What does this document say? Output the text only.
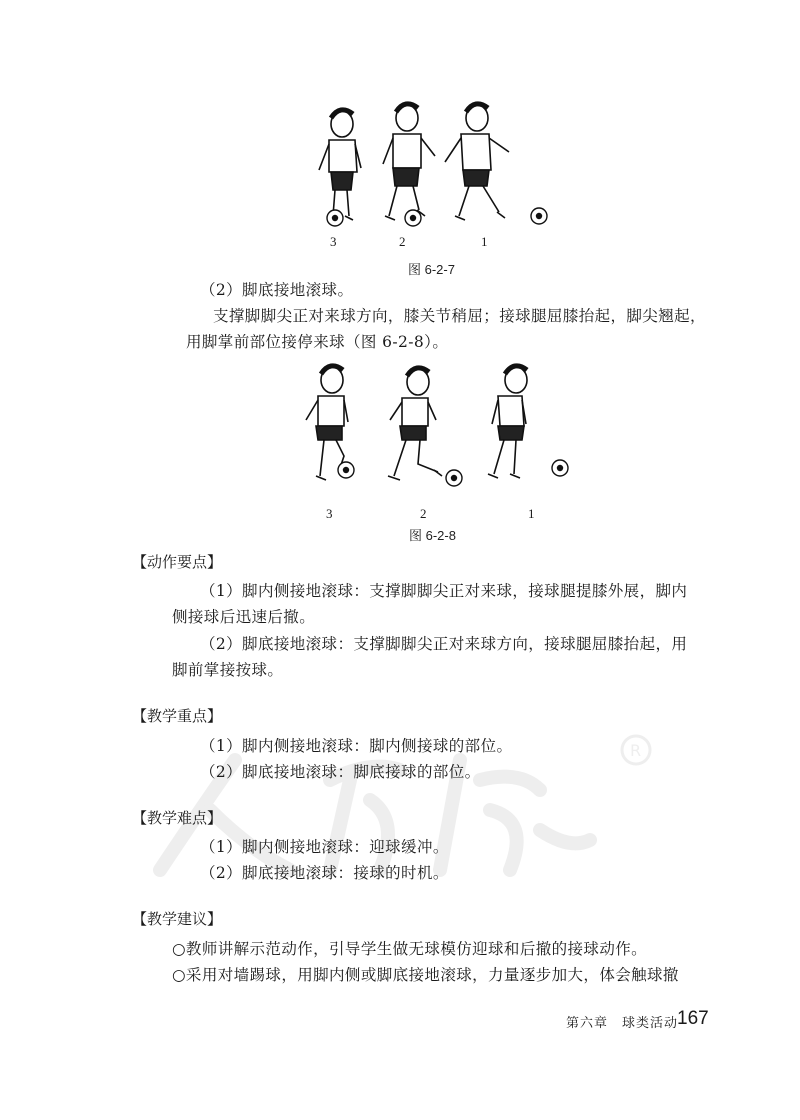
R
3	2	1
图 6-2-7
（2）脚底接地滚球。
支撑脚脚尖正对来球方向，膝关节稍屈；接球腿屈膝抬起，脚尖翘起，
用脚掌前部位接停来球（图 6-2-8）。
3	2	1
图 6-2-8
【动作要点】
（1）脚内侧接地滚球：支撑脚脚尖正对来球，接球腿提膝外展，脚内
侧接球后迅速后撤。
（2）脚底接地滚球：支撑脚脚尖正对来球方向，接球腿屈膝抬起，用
脚前掌接按球。
【教学重点】
（1）脚内侧接地滚球：脚内侧接球的部位。
（2）脚底接地滚球：脚底接球的部位。
【教学难点】
（1）脚内侧接地滚球：迎球缓冲。
（2）脚底接地滚球：接球的时机。
【教学建议】
○教师讲解示范动作，引导学生做无球模仿迎球和后撤的接球动作。
○采用对墙踢球，用脚内侧或脚底接地滚球，力量逐步加大，体会触球撤
第六章　球类活动
167
